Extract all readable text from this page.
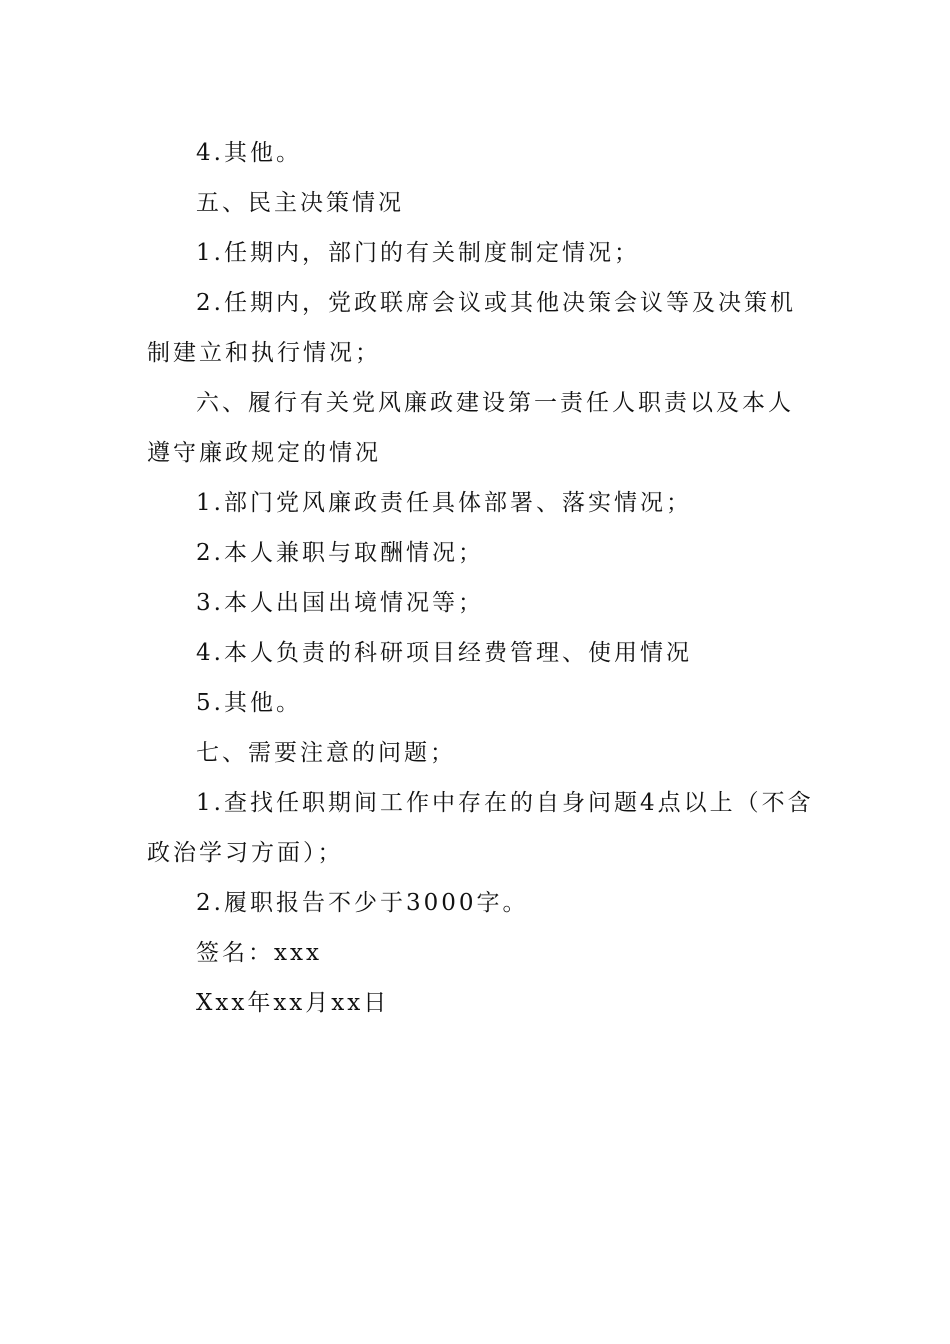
4.其他。
五、民主决策情况
1.任期内，部门的有关制度制定情况；
2.任期内，党政联席会议或其他决策会议等及决策机
制建立和执行情况；
六、履行有关党风廉政建设第一责任人职责以及本人
遵守廉政规定的情况
1.部门党风廉政责任具体部署、落实情况；
2.本人兼职与取酬情况；
3.本人出国出境情况等；
4.本人负责的科研项目经费管理、使用情况
5.其他。
七、需要注意的问题；
1.查找任职期间工作中存在的自身问题4点以上（不含
政治学习方面）；
2.履职报告不少于3000字。
签名：xxx
Xxx年xx月xx日
